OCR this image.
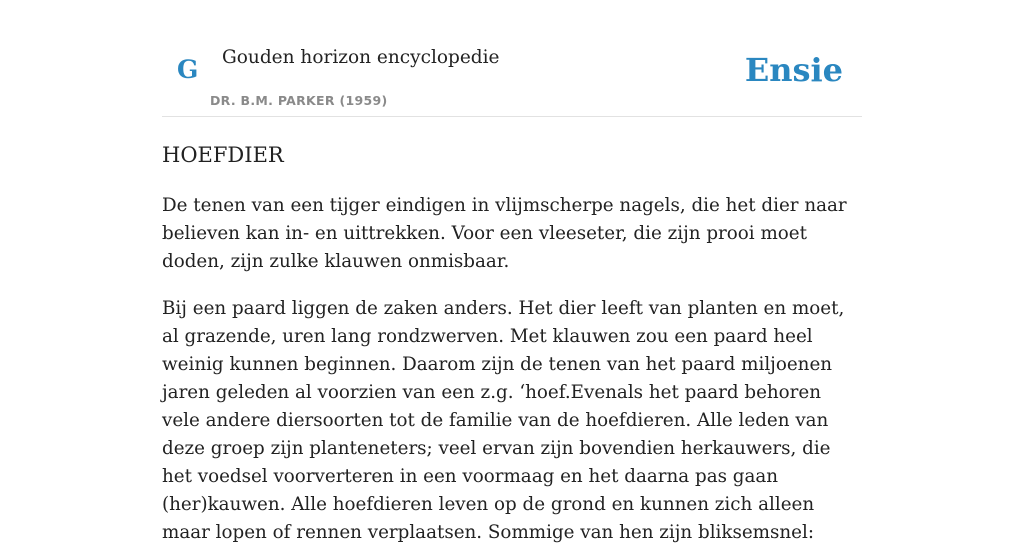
G Gouden horizon encyclopedie
DR. B.M. PARKER (1959)
Ensie
HOEFDIER

De tenen van een tijger eindigen in vlijmscherpe nagels, die het dier naar believen kan in- en uittrekken. Voor een vleeseter, die zijn prooi moet doden, zijn zulke klauwen onmisbaar.

Bij een paard liggen de zaken anders. Het dier leeft van planten en moet, al grazende, uren lang rondzwerven. Met klauwen zou een paard heel weinig kunnen beginnen. Daarom zijn de tenen van het paard miljoenen jaren geleden al voorzien van een z.g. ‘hoef.Evenals het paard behoren vele andere diersoorten tot de familie van de hoefdieren. Alle leden van deze groep zijn planteneters; veel ervan zijn bovendien herkauwers, die het voedsel voorverteren in een voormaag en het daarna pas gaan (her)kauwen. Alle hoefdieren leven op de grond en kunnen zich alleen maar lopen of rennen verplaatsen. Sommige van hen zijn bliksemsnel:
